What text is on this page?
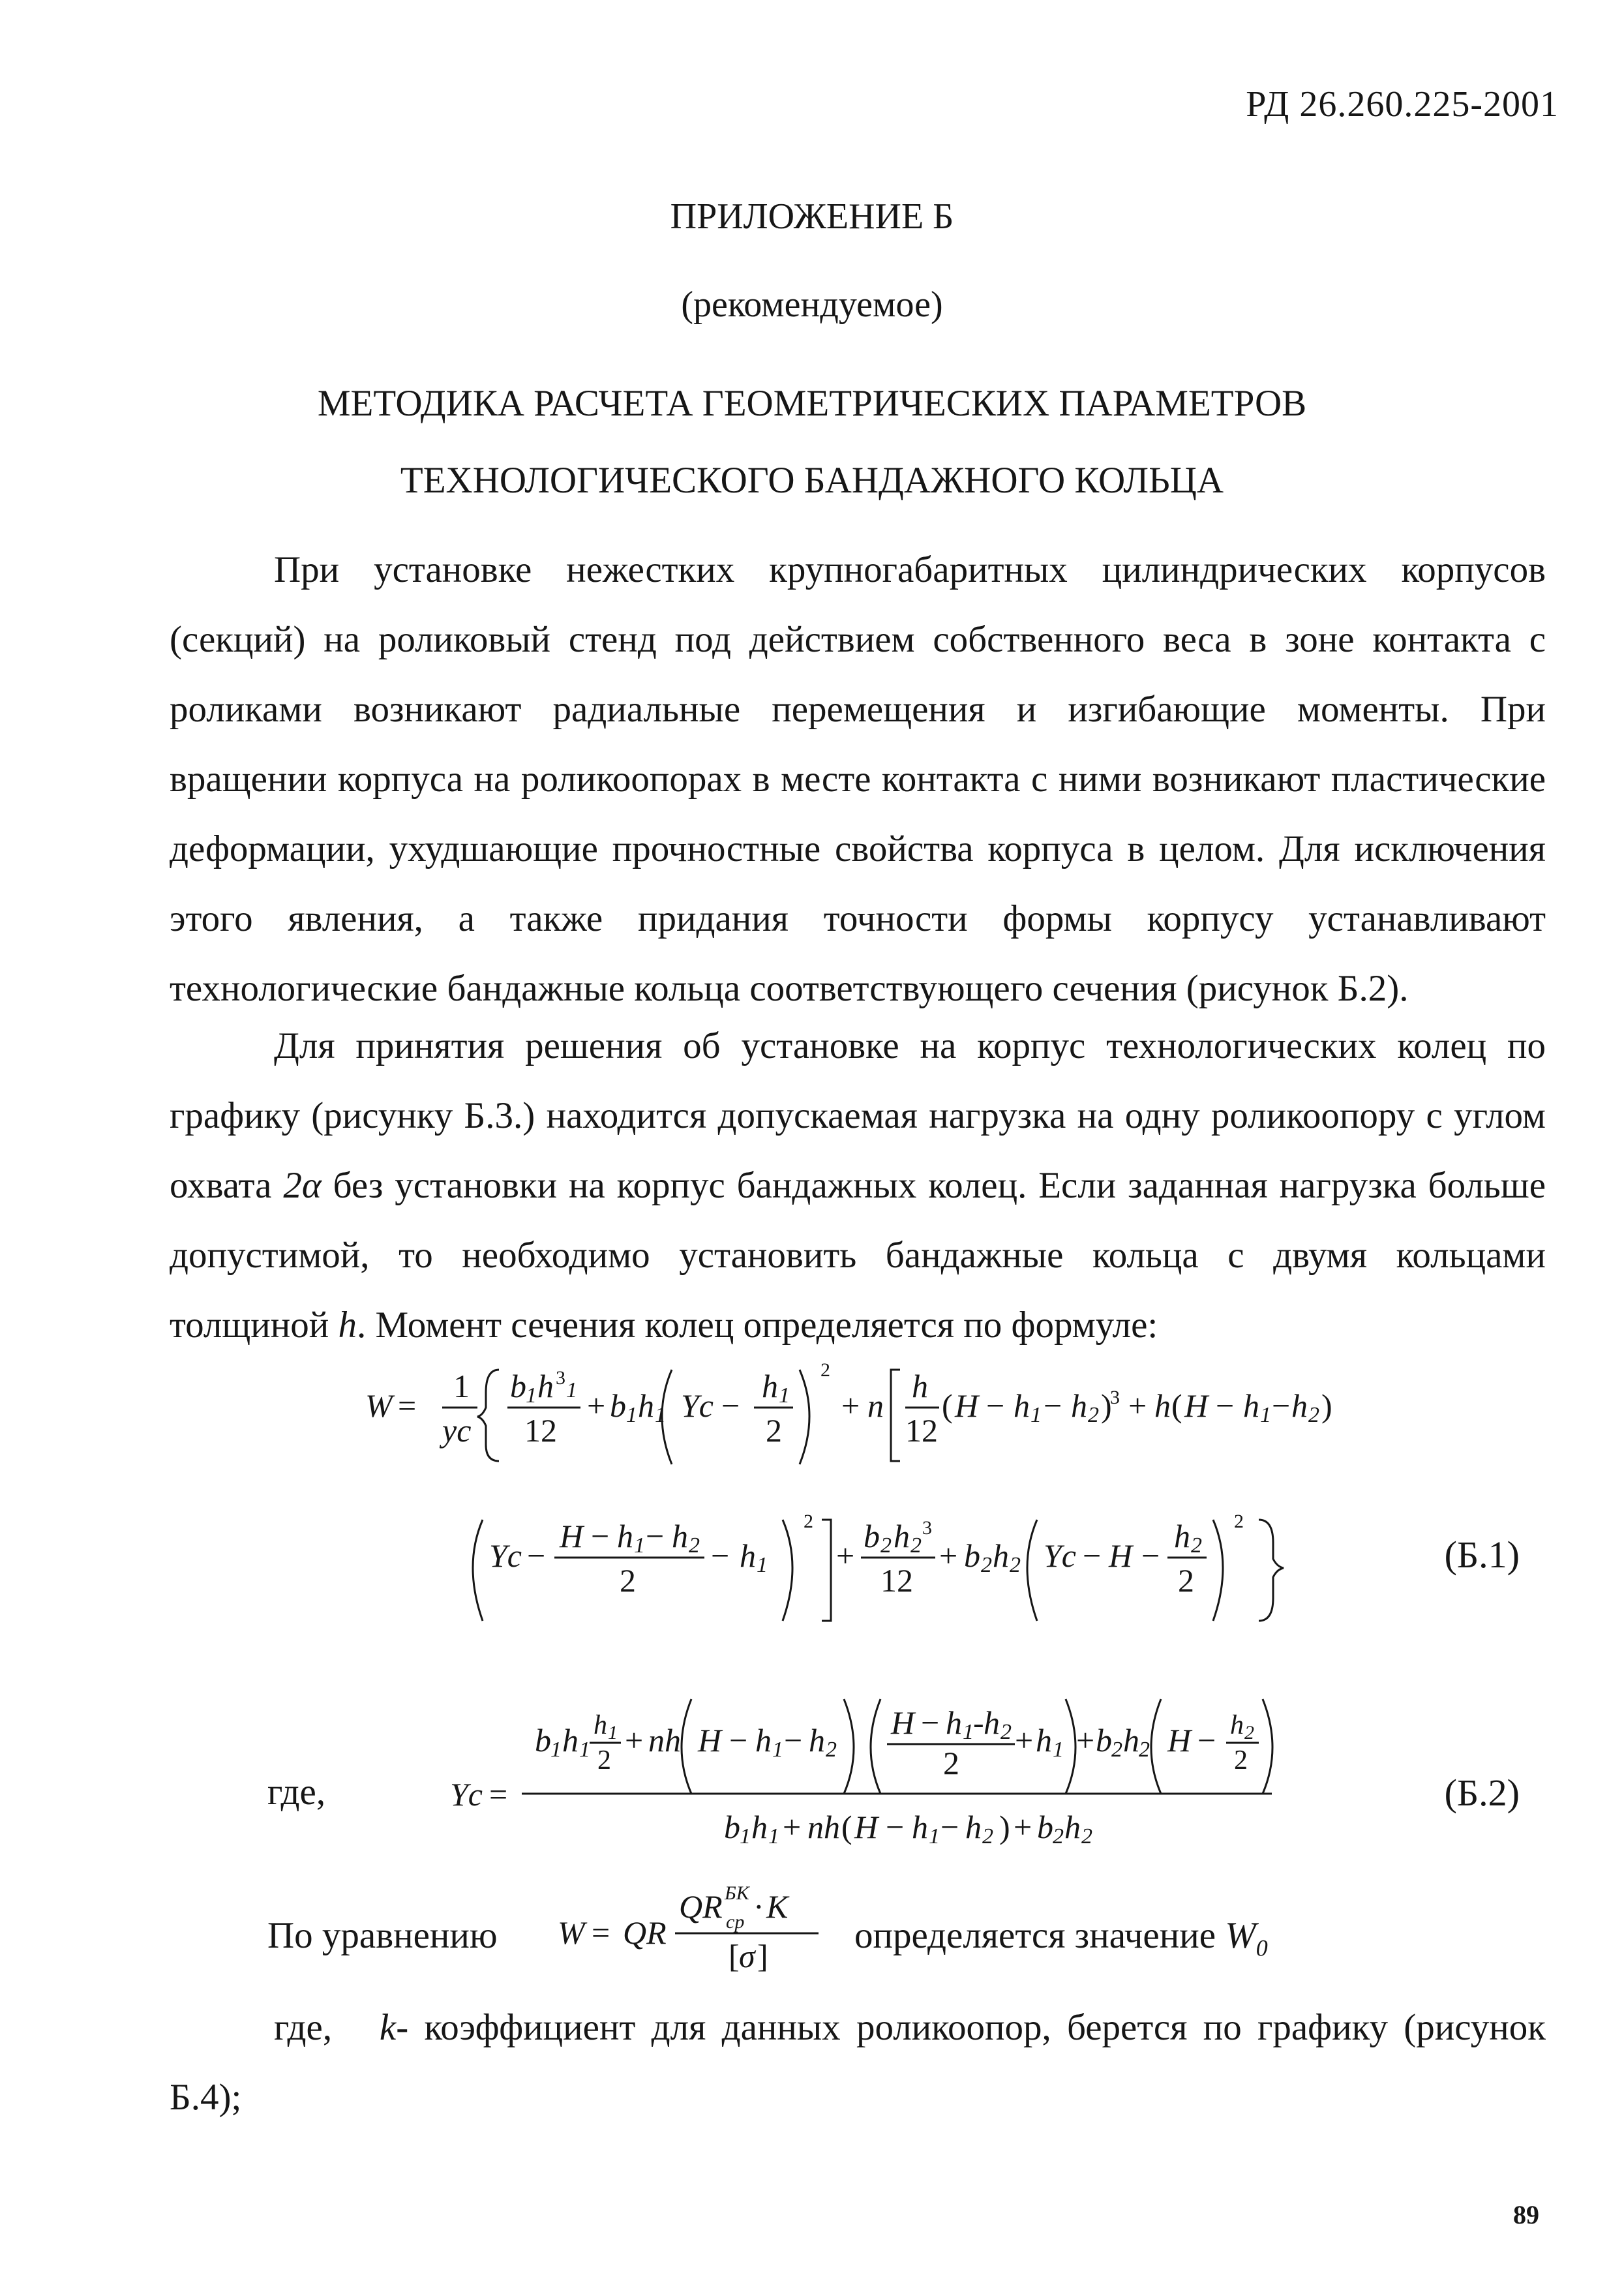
РД 26.260.225-2001
ПРИЛОЖЕНИЕ Б
(рекомендуемое)
МЕТОДИКА РАСЧЕТА ГЕОМЕТРИЧЕСКИХ ПАРАМЕТРОВ
ТЕХНОЛОГИЧЕСКОГО БАНДАЖНОГО КОЛЬЦА
При установке нежестких крупногабаритных цилиндрических корпусов (секций) на роликовый стенд под действием собственного веса в зоне контакта с роликами возникают радиальные перемещения и изгибающие моменты. При вращении корпуса на роликоопорах в месте контакта с ними возникают пластические деформации, ухудшающие прочностные свойства корпуса в целом. Для исключения этого явления, а также придания точности формы корпусу устанавливают технологические бандажные кольца соответствующего сечения (рисунок Б.2).
Для принятия решения об установке на корпус технологических колец по графику (рисунку Б.3.) находится допускаемая нагрузка на одну роликоопору с углом охвата 2α без установки на корпус бандажных колец. Если заданная нагрузка больше допустимой, то необходимо установить бандажные кольца с двумя кольцами толщиной h. Момент сечения колец определяется по формуле:
W =
1
yc
b 1 h 3
1
12
+ b 1 h 1 Yc −
h 1
2
2
+ n
h
12
( H − h 1 − h 2 )
3 + h ( H − h 1 − h 2 )
Yc −
H − h 1 − h 2
2
− h 1
2
+
b 2 h 2
3
12
+ b 2 h 2 Yc − H −
h 2
2
2
(Б.1)
где,	Yc =
b 1 h 1
h 1
2
+ nh H − h 1 − h 2
H − h 1 - h 2
2
+ h 1 + b 2 h 2 H − h 2
2
b 1 h 1 + nh ( H − h 1 − h 2 ) + b 2 h 2
(Б.2)
По уравнению W = QR
QR БК
ср · K
[ σ ] определяется значение $W_0$
где, k- коэффициент для данных роликоопор, берется по графику (рисунок Б.4);
89
